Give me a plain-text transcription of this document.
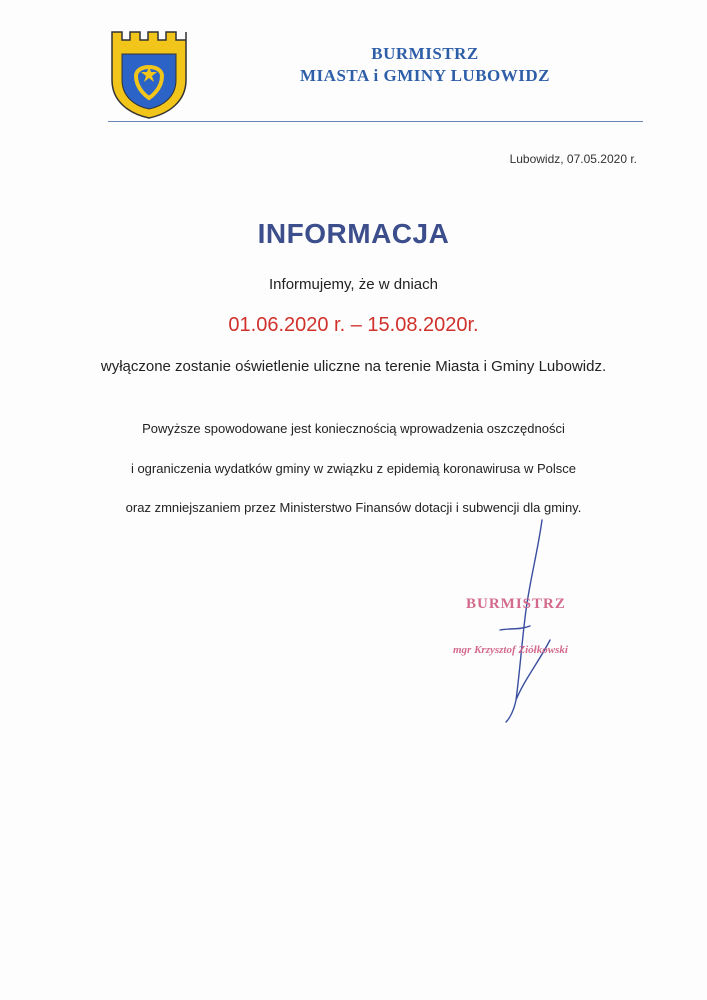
BURMISTRZ
MIASTA i GMINY LUBOWIDZ
Lubowidz, 07.05.2020 r.
INFORMACJA
Informujemy, że w dniach
01.06.2020 r. – 15.08.2020r.
wyłączone zostanie oświetlenie uliczne na terenie Miasta i Gminy Lubowidz.
Powyższe spowodowane jest koniecznością wprowadzenia oszczędności
i ograniczenia wydatków gminy w związku z epidemią koronawirusa w Polsce
oraz zmniejszaniem przez Ministerstwo Finansów dotacji i subwencji dla gminy.
BURMISTRZ
mgr Krzysztof Ziółkowski
